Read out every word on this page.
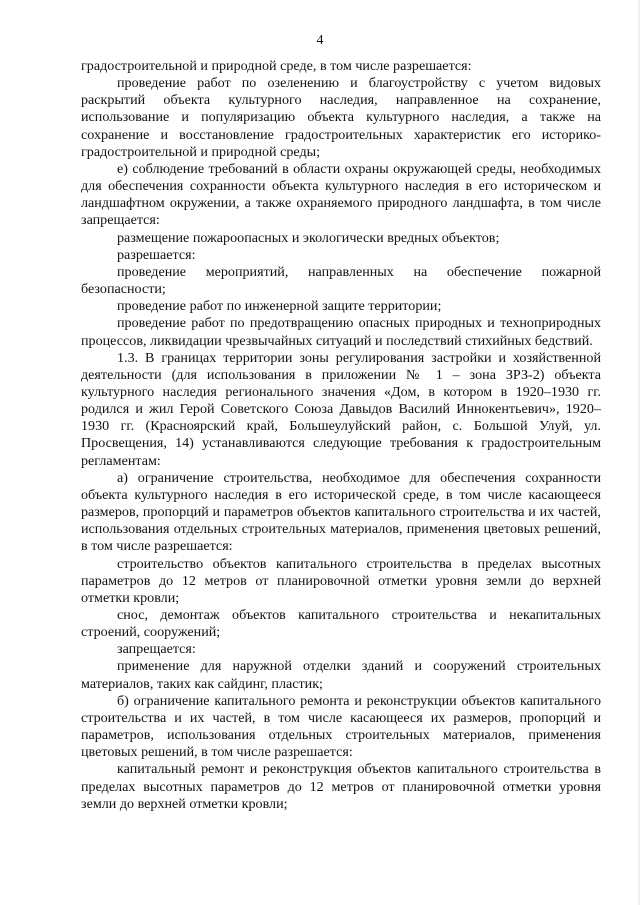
4

градостроительной и природной среде, в том числе разрешается:

проведение работ по озеленению и благоустройству с учетом видовых раскрытий объекта культурного наследия, направленное на сохранение, использование и популяризацию объекта культурного наследия, а также на сохранение и восстановление градостроительных характеристик его историко-градостроительной и природной среды;

е) соблюдение требований в области охраны окружающей среды, необходимых для обеспечения сохранности объекта культурного наследия в его историческом и ландшафтном окружении, а также охраняемого природного ландшафта, в том числе запрещается:

размещение пожароопасных и экологически вредных объектов;

разрешается:

проведение мероприятий, направленных на обеспечение пожарной безопасности;

проведение работ по инженерной защите территории;

проведение работ по предотвращению опасных природных и техноприродных процессов, ликвидации чрезвычайных ситуаций и последствий стихийных бедствий.

1.3. В границах территории зоны регулирования застройки и хозяйственной деятельности (для использования в приложении № 1 – зона ЗРЗ-2) объекта культурного наследия регионального значения «Дом, в котором в 1920–1930 гг. родился и жил Герой Советского Союза Давыдов Василий Иннокентьевич», 1920–1930 гг. (Красноярский край, Большеулуйский район, с. Большой Улуй, ул. Просвещения, 14) устанавливаются следующие требования к градостроительным регламентам:

а) ограничение строительства, необходимое для обеспечения сохранности объекта культурного наследия в его исторической среде, в том числе касающееся размеров, пропорций и параметров объектов капитального строительства и их частей, использования отдельных строительных материалов, применения цветовых решений, в том числе разрешается:

строительство объектов капитального строительства в пределах высотных параметров до 12 метров от планировочной отметки уровня земли до верхней отметки кровли;

снос, демонтаж объектов капитального строительства и некапитальных строений, сооружений;

запрещается:

применение для наружной отделки зданий и сооружений строительных материалов, таких как сайдинг, пластик;

б) ограничение капитального ремонта и реконструкции объектов капитального строительства и их частей, в том числе касающееся их размеров, пропорций и параметров, использования отдельных строительных материалов, применения цветовых решений, в том числе разрешается:

капитальный ремонт и реконструкция объектов капитального строительства в пределах высотных параметров до 12 метров от планировочной отметки уровня земли до верхней отметки кровли;
